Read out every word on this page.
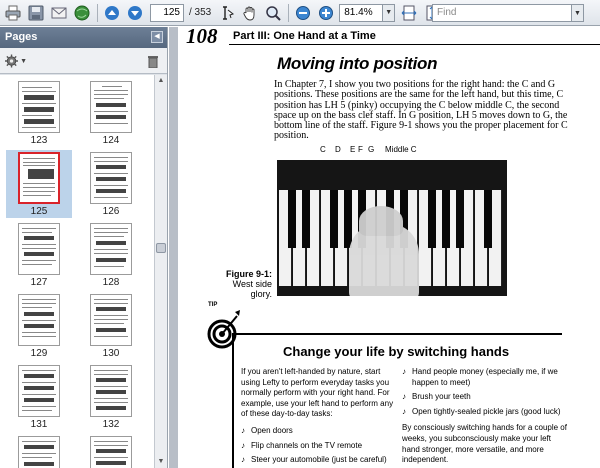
125 / 353	81.4%	▼	Find	▼
Pages	◀
▼
123	124
125	126
127	128
129	130
131	132
▲
▼
108 Part III: One Hand at a Time
Moving into position
In Chapter 7, I show you two positions for the right hand: the C and G positions. These positions are the same for the left hand, but this time, C position has LH 5 (pinky) occupying the C below middle C, the second space up on the bass clef staff. In G position, LH 5 moves down to G, the bottom line of the staff. Figure 9-1 shows you the proper placement for C position.
C D E F G Middle C
Figure 9-1:
West side glory.
TIP
Change your life by switching hands
If you aren't left-handed by nature, start using Lefty to perform everyday tasks you normally perform with your right hand. For example, use your left hand to perform any of these day-to-day tasks:
♪ Open doors
♪ Flip channels on the TV remote
♪ Steer your automobile (just be careful)
♪ Hand people money (especially me, if we happen to meet)
♪ Brush your teeth
♪ Open tightly-sealed pickle jars (good luck)
By consciously switching hands for a couple of weeks, you subconsciously make your left hand stronger, more versatile, and more independent.
